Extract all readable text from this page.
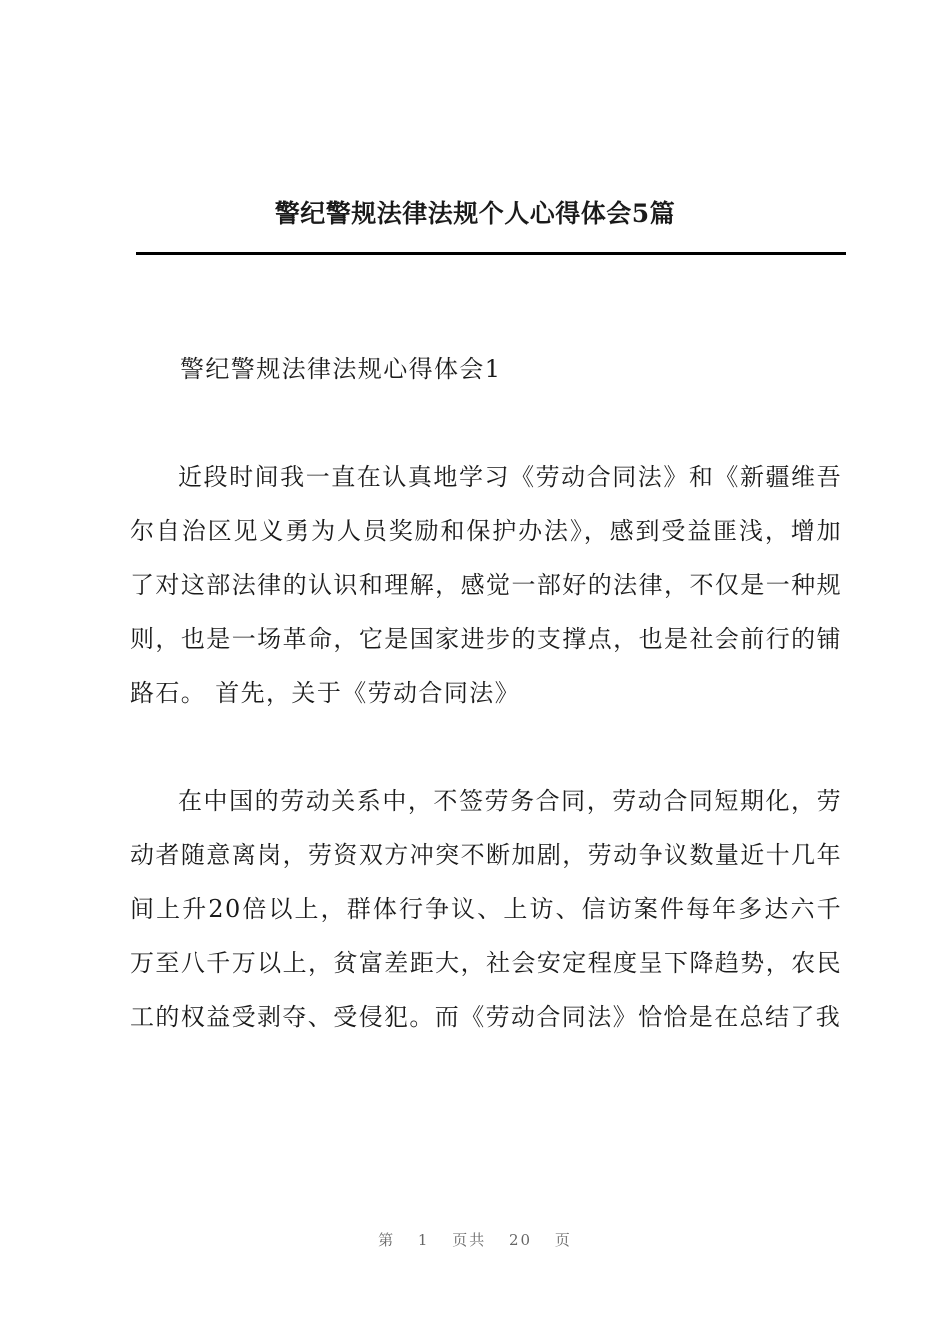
警纪警规法律法规个人心得体会5篇

警纪警规法律法规心得体会1

近段时间我一直在认真地学习《劳动合同法》和《新疆维吾尔自治区见义勇为人员奖励和保护办法》，感到受益匪浅，增加了对这部法律的认识和理解，感觉一部好的法律，不仅是一种规则，也是一场革命，它是国家进步的支撑点，也是社会前行的铺路石。 首先，关于《劳动合同法》

在中国的劳动关系中，不签劳务合同，劳动合同短期化，劳动者随意离岗，劳资双方冲突不断加剧，劳动争议数量近十几年间上升20倍以上，群体行争议、上访、信访案件每年多达六千万至八千万以上，贫富差距大，社会安定程度呈下降趋势，农民工的权益受剥夺、受侵犯。而《劳动合同法》恰恰是在总结了我

第 1 页共 20 页
